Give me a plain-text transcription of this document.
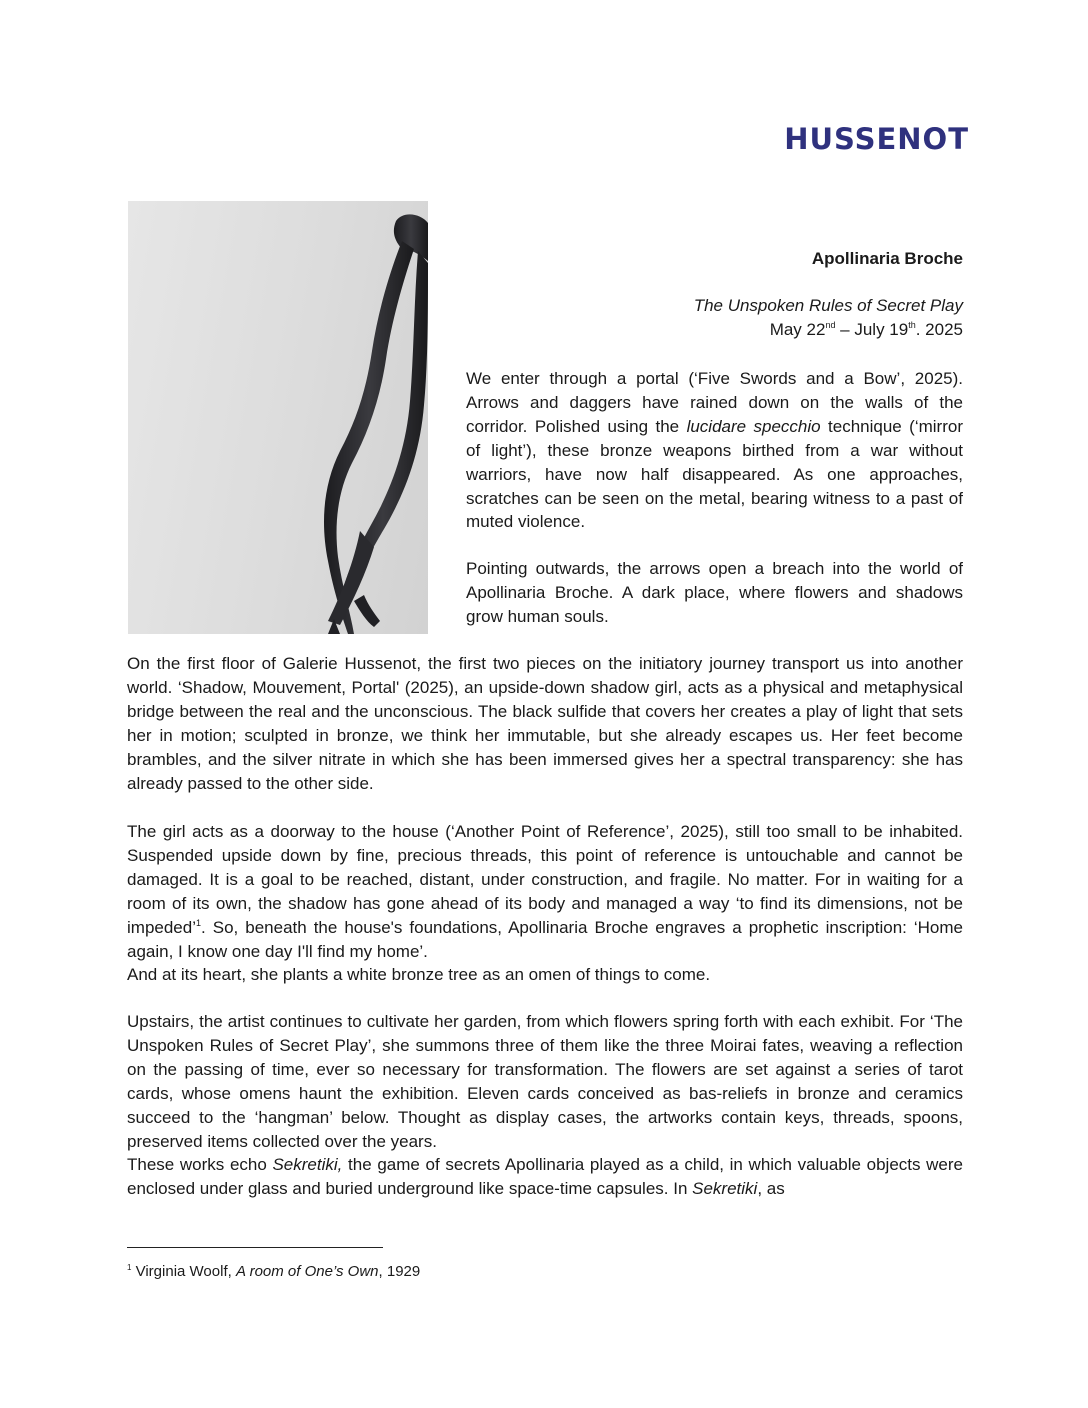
HUSSENOT
Apollinaria Broche
The Unspoken Rules of Secret Play
May 22nd – July 19th. 2025

We enter through a portal (‘Five Swords and a Bow’, 2025). Arrows and daggers have rained down on the walls of the corridor. Polished using the lucidare specchio technique (‘mirror of light’), these bronze weapons birthed from a war without warriors, have now half disappeared. As one approaches, scratches can be seen on the metal, bearing witness to a past of muted violence.

Pointing outwards, the arrows open a breach into the world of Apollinaria Broche. A dark place, where flowers and shadows grow human souls.

On the first floor of Galerie Hussenot, the first two pieces on the initiatory journey transport us into another world. ‘Shadow, Mouvement, Portal' (2025), an upside-down shadow girl, acts as a physical and metaphysical bridge between the real and the unconscious. The black sulfide that covers her creates a play of light that sets her in motion; sculpted in bronze, we think her immutable, but she already escapes us. Her feet become brambles, and the silver nitrate in which she has been immersed gives her a spectral transparency: she has already passed to the other side.

The girl acts as a doorway to the house (‘Another Point of Reference’, 2025), still too small to be inhabited. Suspended upside down by fine, precious threads, this point of reference is untouchable and cannot be damaged. It is a goal to be reached, distant, under construction, and fragile. No matter. For in waiting for a room of its own, the shadow has gone ahead of its body and managed a way ‘to find its dimensions, not be impeded’$^1$. So, beneath the house's foundations, Apollinaria Broche engraves a prophetic inscription: ‘Home again, I know one day I'll find my home’.
And at its heart, she plants a white bronze tree as an omen of things to come.

Upstairs, the artist continues to cultivate her garden, from which flowers spring forth with each exhibit. For ‘The Unspoken Rules of Secret Play’, she summons three of them like the three Moirai fates, weaving a reflection on the passing of time, ever so necessary for transformation. The flowers are set against a series of tarot cards, whose omens haunt the exhibition. Eleven cards conceived as bas-reliefs in bronze and ceramics succeed to the ‘hangman’ below. Thought as display cases, the artworks contain keys, threads, spoons, preserved items collected over the years.
These works echo Sekretiki, the game of secrets Apollinaria played as a child, in which valuable objects were enclosed under glass and buried underground like space-time capsules. In Sekretiki, as

$^1$ Virginia Woolf, A room of One’s Own, 1929
